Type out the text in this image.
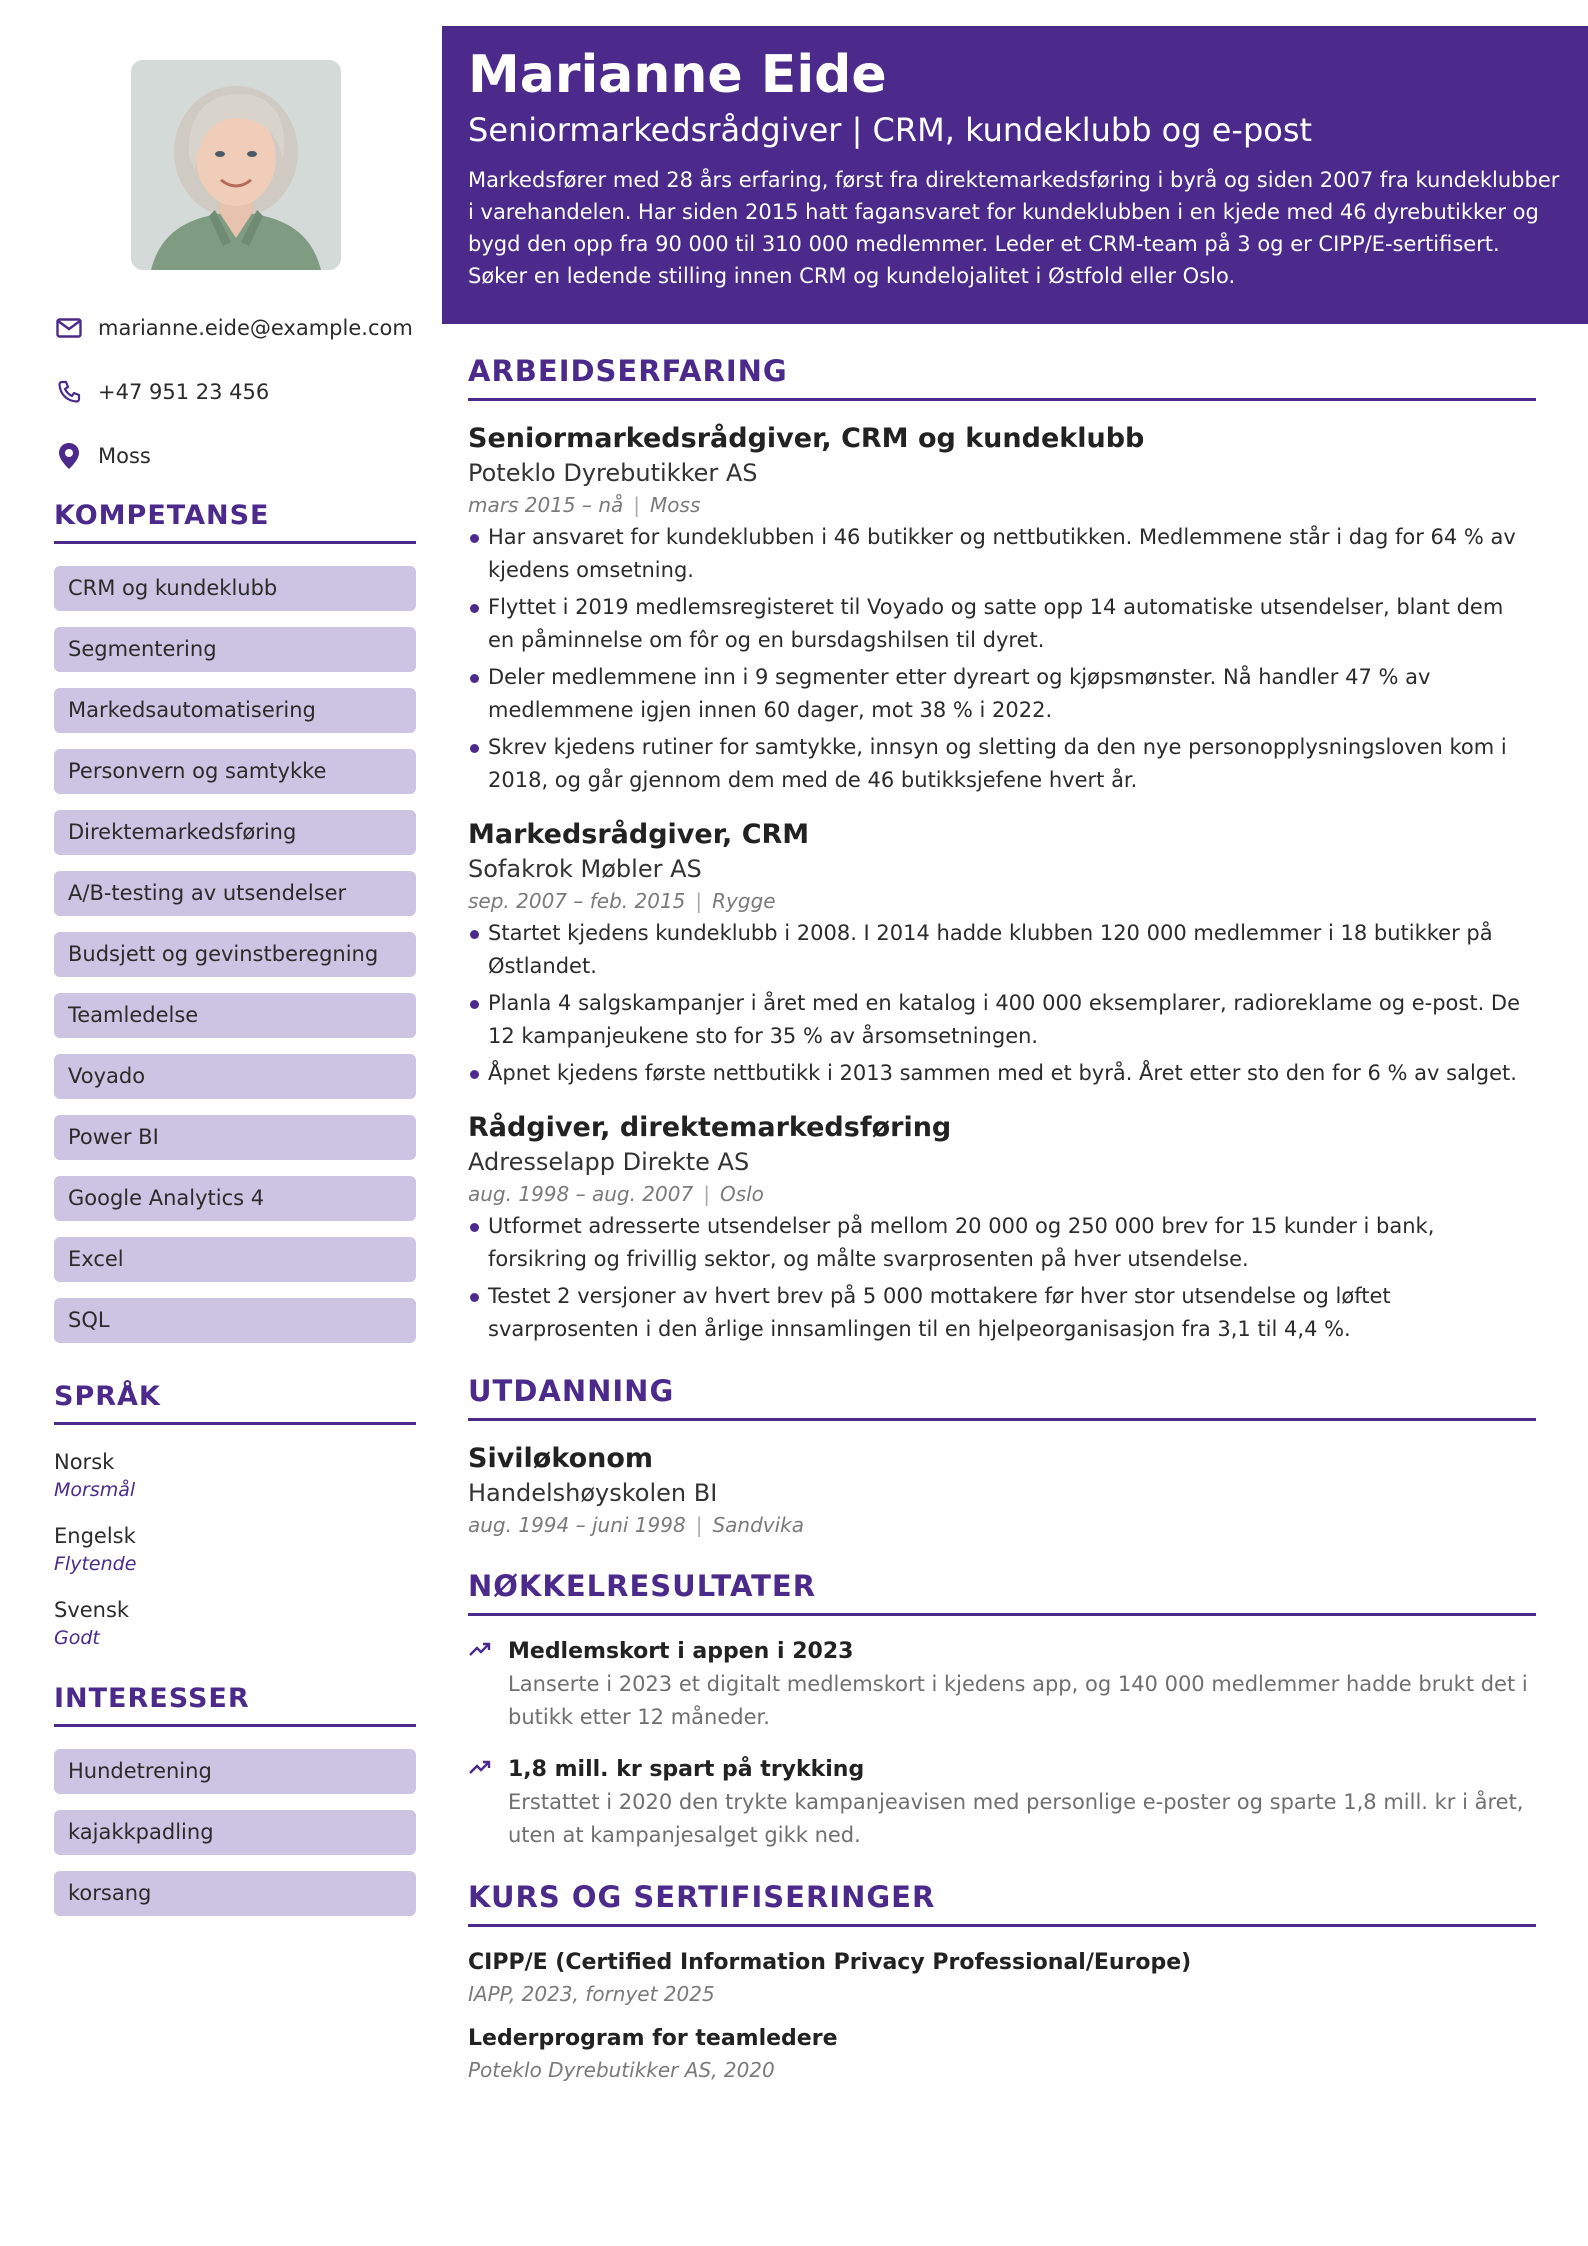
marianne.eide@example.com
+47 951 23 456
Moss
KOMPETANSE
CRM og kundeklubb
Segmentering
Markedsautomatisering
Personvern og samtykke
Direktemarkedsføring
A/B-testing av utsendelser
Budsjett og gevinstberegning
Teamledelse
Voyado
Power BI
Google Analytics 4
Excel
SQL
SPRÅK
Norsk
Morsmål
Engelsk
Flytende
Svensk
Godt
INTERESSER
Hundetrening
kajakkpadling
korsang
Marianne Eide
Seniormarkedsrådgiver | CRM, kundeklubb og e-post

Markedsfører med 28 års erfaring, først fra direktemarkedsføring i byrå og siden 2007 fra kundeklubber i varehandelen. Har siden 2015 hatt fagansvaret for kundeklubben i en kjede med 46 dyrebutikker og bygd den opp fra 90 000 til 310 000 medlemmer. Leder et CRM-team på 3 og er CIPP/E-sertifisert. Søker en ledende stilling innen CRM og kundelojalitet i Østfold eller Oslo.

ARBEIDSERFARING
Seniormarkedsrådgiver, CRM og kundeklubb
Poteklo Dyrebutikker AS
mars 2015 – nå | Moss
Har ansvaret for kundeklubben i 46 butikker og nettbutikken. Medlemmene står i dag for 64 % av kjedens omsetning.
Flyttet i 2019 medlemsregisteret til Voyado og satte opp 14 automatiske utsendelser, blant dem en påminnelse om fôr og en bursdagshilsen til dyret.
Deler medlemmene inn i 9 segmenter etter dyreart og kjøpsmønster. Nå handler 47 % av medlemmene igjen innen 60 dager, mot 38 % i 2022.
Skrev kjedens rutiner for samtykke, innsyn og sletting da den nye personopplysningsloven kom i 2018, og går gjennom dem med de 46 butikksjefene hvert år.
Markedsrådgiver, CRM
Sofakrok Møbler AS
sep. 2007 – feb. 2015 | Rygge
Startet kjedens kundeklubb i 2008. I 2014 hadde klubben 120 000 medlemmer i 18 butikker på Østlandet.
Planla 4 salgskampanjer i året med en katalog i 400 000 eksemplarer, radioreklame og e-post. De 12 kampanjeukene sto for 35 % av årsomsetningen.
Åpnet kjedens første nettbutikk i 2013 sammen med et byrå. Året etter sto den for 6 % av salget.
Rådgiver, direktemarkedsføring
Adresselapp Direkte AS
aug. 1998 – aug. 2007 | Oslo
Utformet adresserte utsendelser på mellom 20 000 og 250 000 brev for 15 kunder i bank, forsikring og frivillig sektor, og målte svarprosenten på hver utsendelse.
Testet 2 versjoner av hvert brev på 5 000 mottakere før hver stor utsendelse og løftet svarprosenten i den årlige innsamlingen til en hjelpeorganisasjon fra 3,1 til 4,4 %.
UTDANNING
Siviløkonom
Handelshøyskolen BI
aug. 1994 – juni 1998 | Sandvika
NØKKELRESULTATER
Medlemskort i appen i 2023
Lanserte i 2023 et digitalt medlemskort i kjedens app, og 140 000 medlemmer hadde brukt det i butikk etter 12 måneder.
1,8 mill. kr spart på trykking
Erstattet i 2020 den trykte kampanjeavisen med personlige e-poster og sparte 1,8 mill. kr i året, uten at kampanjesalget gikk ned.
KURS OG SERTIFISERINGER
CIPP/E (Certified Information Privacy Professional/Europe)
IAPP, 2023, fornyet 2025
Lederprogram for teamledere
Poteklo Dyrebutikker AS, 2020
